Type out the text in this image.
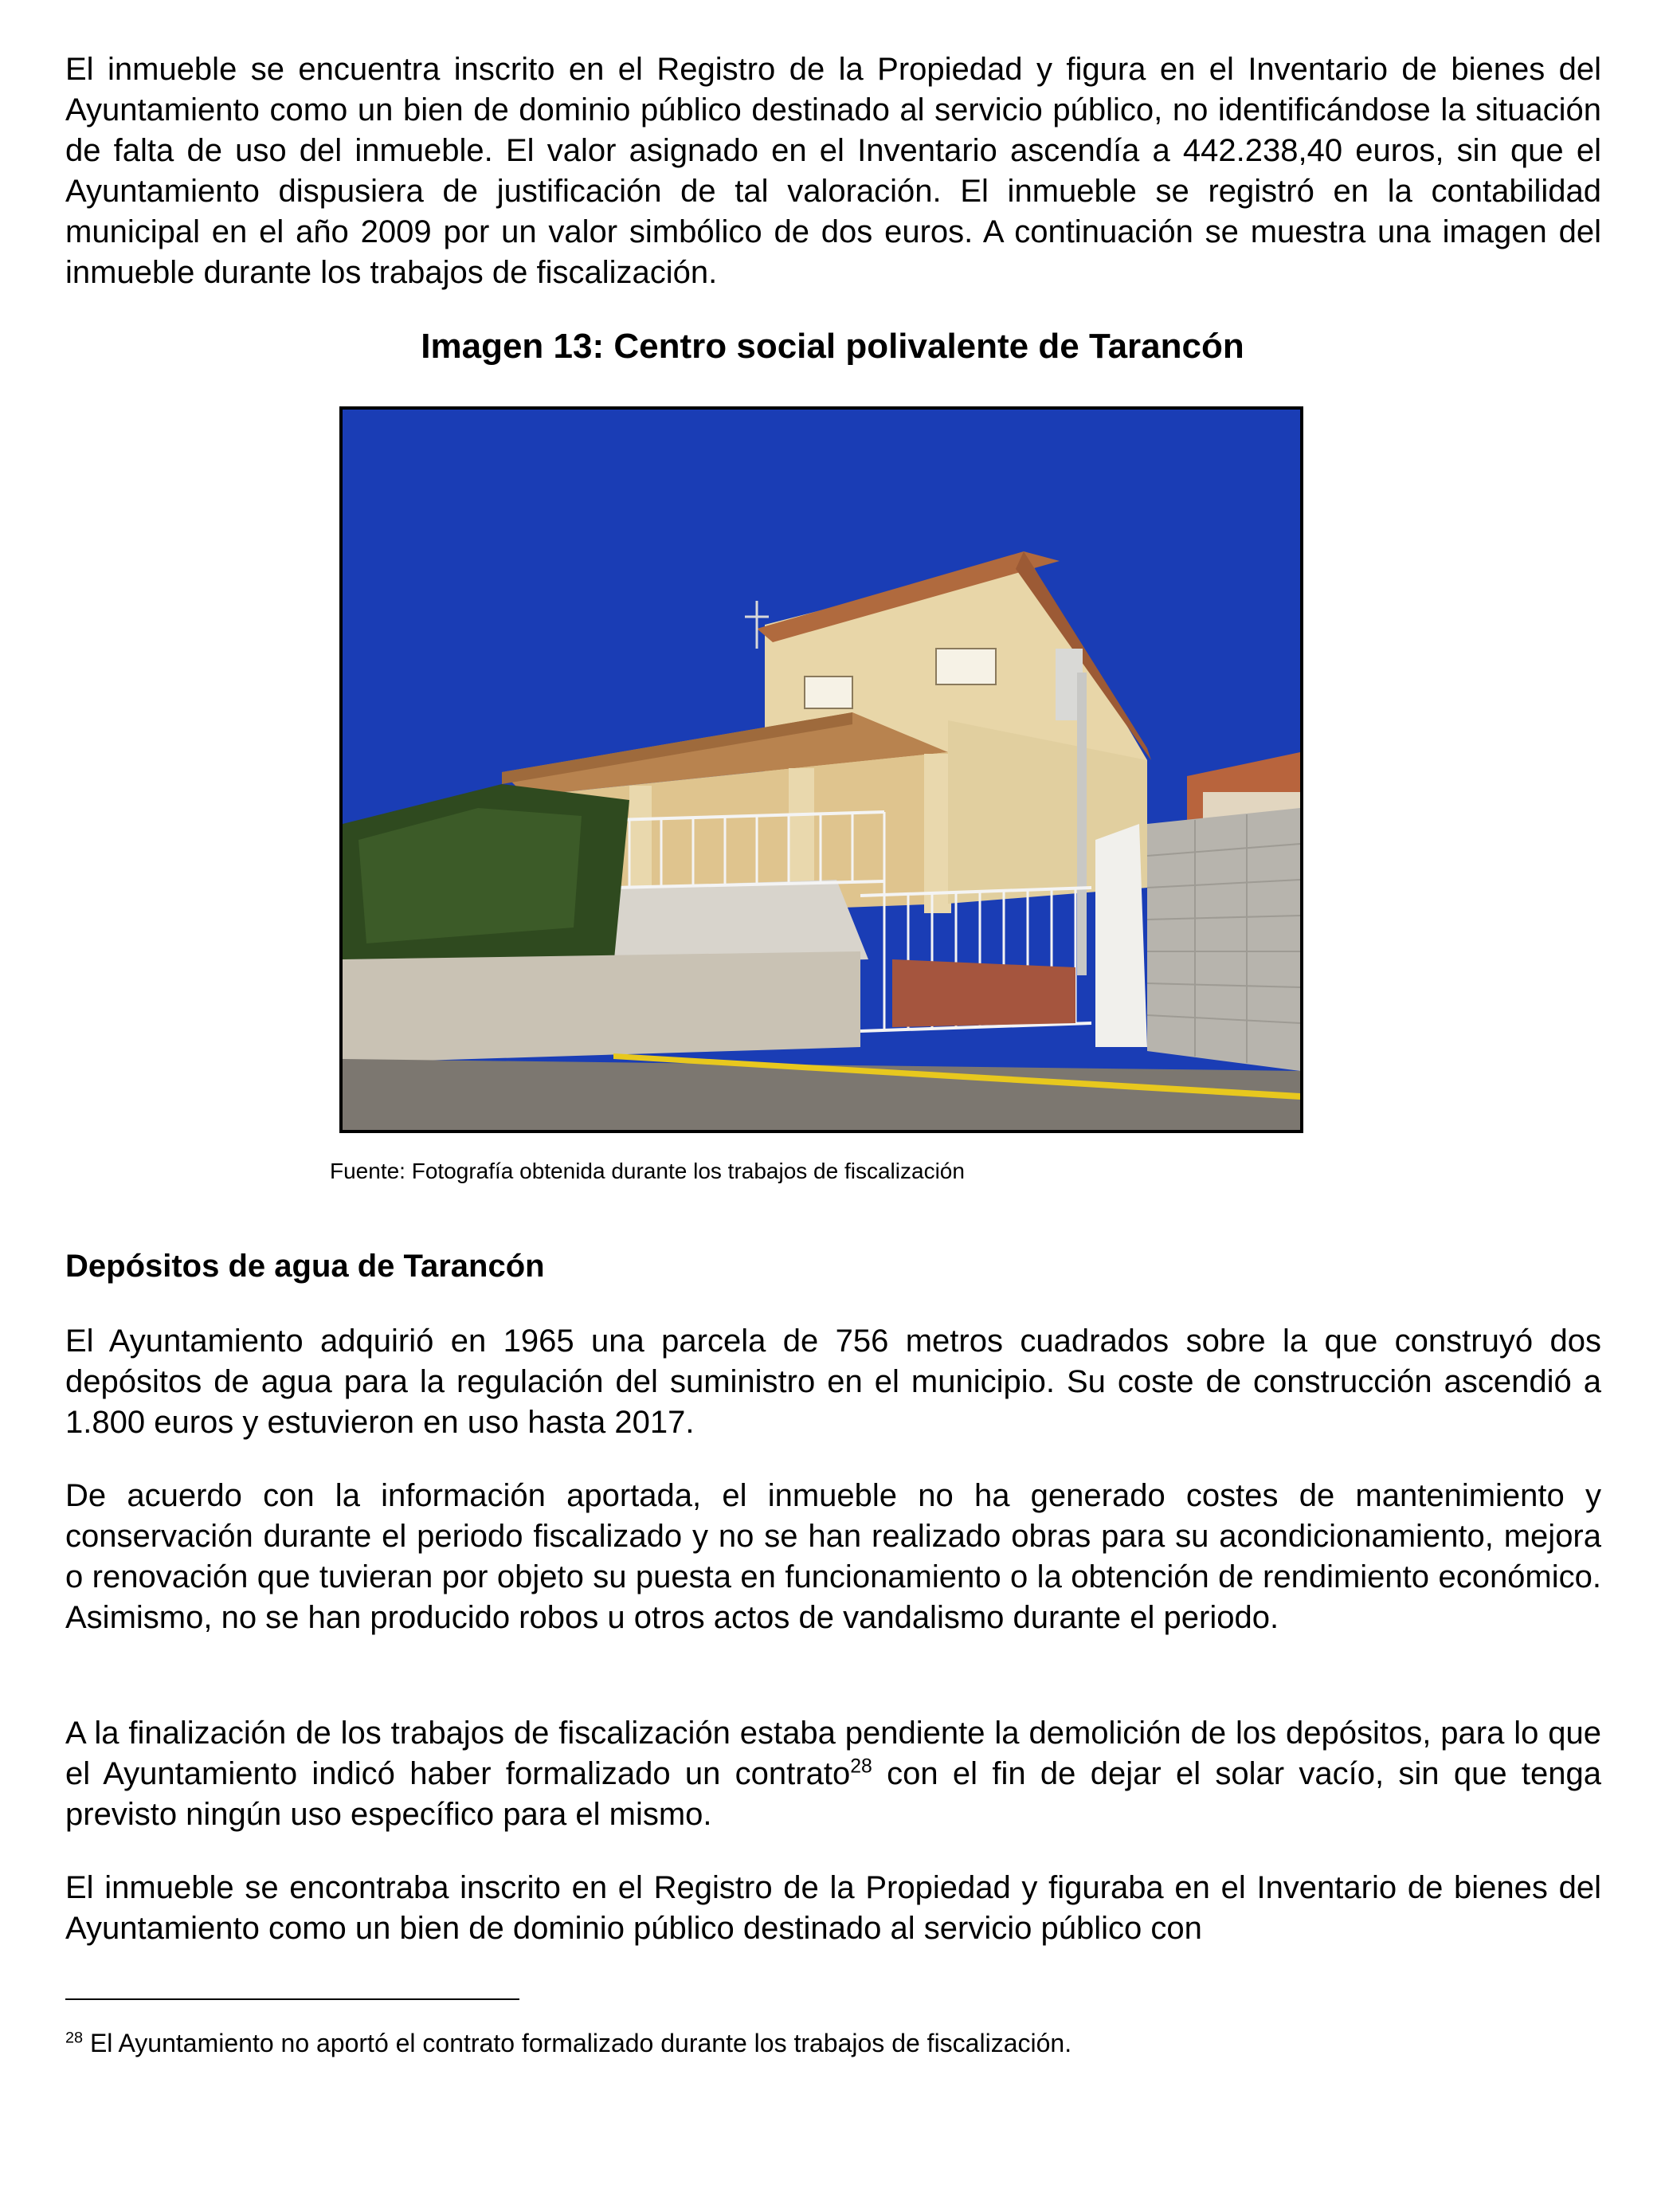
El inmueble se encuentra inscrito en el Registro de la Propiedad y figura en el Inventario de bienes del Ayuntamiento como un bien de dominio público destinado al servicio público, no identificándose la situación de falta de uso del inmueble. El valor asignado en el Inventario ascendía a 442.238,40 euros, sin que el Ayuntamiento dispusiera de justificación de tal valoración. El inmueble se registró en la contabilidad municipal en el año 2009 por un valor simbólico de dos euros. A continuación se muestra una imagen del inmueble durante los trabajos de fiscalización.

Imagen 13: Centro social polivalente de Tarancón

Fuente: Fotografía obtenida durante los trabajos de fiscalización

Depósitos de agua de Tarancón

El Ayuntamiento adquirió en 1965 una parcela de 756 metros cuadrados sobre la que construyó dos depósitos de agua para la regulación del suministro en el municipio. Su coste de construcción ascendió a 1.800 euros y estuvieron en uso hasta 2017.

De acuerdo con la información aportada, el inmueble no ha generado costes de mantenimiento y conservación durante el periodo fiscalizado y no se han realizado obras para su acondicionamiento, mejora o renovación que tuvieran por objeto su puesta en funcionamiento o la obtención de rendimiento económico. Asimismo, no se han producido robos u otros actos de vandalismo durante el periodo.

A la finalización de los trabajos de fiscalización estaba pendiente la demolición de los depósitos, para lo que el Ayuntamiento indicó haber formalizado un contrato$^{28}$ con el fin de dejar el solar vacío, sin que tenga previsto ningún uso específico para el mismo.

El inmueble se encontraba inscrito en el Registro de la Propiedad y figuraba en el Inventario de bienes del Ayuntamiento como un bien de dominio público destinado al servicio público con

$^{28}$ El Ayuntamiento no aportó el contrato formalizado durante los trabajos de fiscalización.
